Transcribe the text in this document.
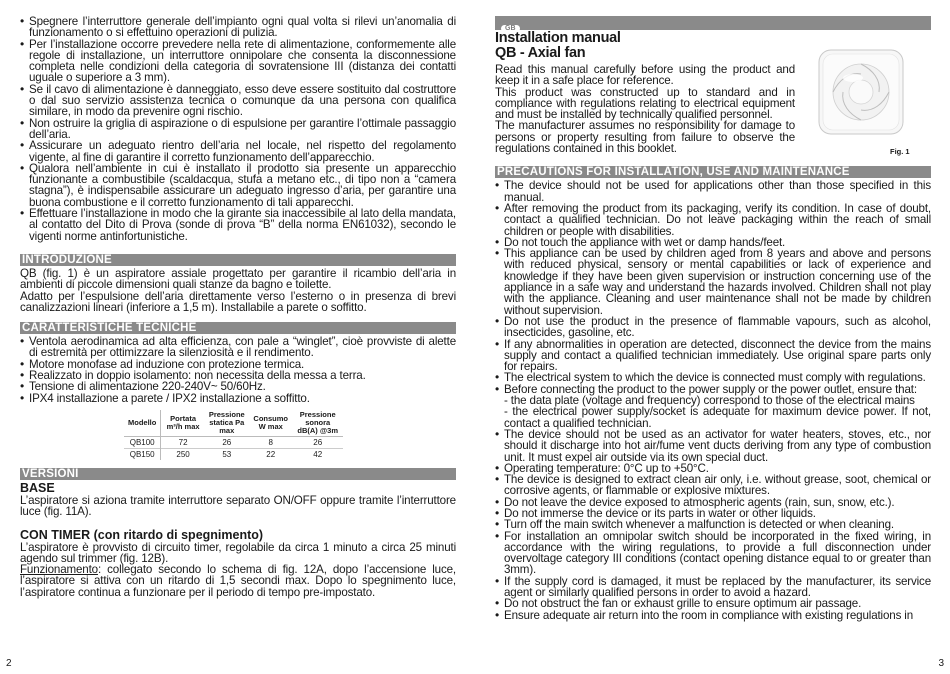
• Spegnere l’interruttore generale dell’impianto ogni qual volta si rilevi un’anomalia di funzionamento o si effettuino operazioni di pulizia.
• Per l’installazione occorre prevedere nella rete di alimentazione, conformemente alle regole di installazione, un interruttore onnipolare che consenta la disconnessione completa nelle condizioni della categoria di sovratensione III (distanza dei contatti uguale o superiore a 3 mm).
• Se il cavo di alimentazione è danneggiato, esso deve essere sostituito dal costruttore o dal suo servizio assistenza tecnica o comunque da una persona con qualifica similare, in modo da prevenire ogni rischio.
• Non ostruire la griglia di aspirazione o di espulsione per garantire l’ottimale passaggio dell’aria.
• Assicurare un adeguato rientro dell’aria nel locale, nel rispetto del regolamento vigente, al fine di garantire il corretto funzionamento dell’apparecchio.
• Qualora nell’ambiente in cui è installato il prodotto sia presente un apparecchio funzionante a combustibile (scaldacqua, stufa a metano etc., di tipo non a “camera stagna”), è indispensabile assicurare un adeguato ingresso d’aria, per garantire una buona combustione e il corretto funzionamento di tali apparecchi.
• Effettuare l’installazione in modo che la girante sia inaccessibile al lato della mandata, al contatto del Dito di Prova (sonde di prova “B” della norma EN61032), secondo le vigenti norme antinfortunistiche.
INTRODUZIONE
QB (fig. 1) è un aspiratore assiale progettato per garantire il ricambio dell’aria in ambienti di piccole dimensioni quali stanze da bagno e toilette.
Adatto per l’espulsione dell’aria direttamente verso l’esterno o in presenza di brevi canalizzazioni lineari (inferiore a 1,5 m). Installabile a parete o soffitto.
CARATTERISTICHE TECNICHE
• Ventola aerodinamica ad alta efficienza, con pale a “winglet”, cioè provviste di alette di estremità per ottimizzare la silenziosità e il rendimento.
• Motore monofase ad induzione con protezione termica.
• Realizzato in doppio isolamento: non necessita della messa a terra.
• Tensione di alimentazione 220-240V~ 50/60Hz.
• IPX4 installazione a parete / IPX2 installazione a soffitto.
Modello	Portata m³/h max	Pressione statica Pa max	Consumo W max	Pressione sonora dB(A) @3m
QB100	72	26	8	26
QB150	250	53	22	42
VERSIONI
BASE
L’aspiratore si aziona tramite interruttore separato ON/OFF oppure tramite l’interruttore luce (fig. 11A).
CON TIMER (con ritardo di spegnimento)
L’aspiratore è provvisto di circuito timer, regolabile da circa 1 minuto a circa 25 minuti agendo sul trimmer (fig. 12B).
Funzionamento: collegato secondo lo schema di fig. 12A, dopo l’accensione luce, l’aspiratore si attiva con un ritardo di 1,5 secondi max. Dopo lo spegnimento luce, l’aspiratore continua a funzionare per il periodo di tempo pre-impostato.
2
GB
Installation manual
QB - Axial fan
Read this manual carefully before using the product and keep it in a safe place for reference.
This product was constructed up to standard and in compliance with regulations relating to electrical equipment and must be installed by technically qualified personnel.
The manufacturer assumes no responsibility for damage to persons or property resulting from failure to observe the regulations contained in this booklet.
PRECAUTIONS FOR INSTALLATION, USE AND MAINTENANCE
• The device should not be used for applications other than those specified in this manual.
• After removing the product from its packaging, verify its condition. In case of doubt, contact a qualified technician. Do not leave packaging within the reach of small children or people with disabilities.
• Do not touch the appliance with wet or damp hands/feet.
• This appliance can be used by children aged from 8 years and above and persons with reduced physical, sensory or mental capabilities or lack of experience and knowledge if they have been given supervision or instruction concerning use of the appliance in a safe way and understand the hazards involved. Children shall not play with the appliance. Cleaning and user maintenance shall not be made by children without supervision.
• Do not use the product in the presence of flammable vapours, such as alcohol, insecticides, gasoline, etc.
• If any abnormalities in operation are detected, disconnect the device from the mains supply and contact a qualified technician immediately. Use original spare parts only for repairs.
• The electrical system to which the device is connected must comply with regulations.
• Before connecting the product to the power supply or the power outlet, ensure that:
- the data plate (voltage and frequency) correspond to those of the electrical mains
- the electrical power supply/socket is adequate for maximum device power. If not, contact a qualified technician.
• The device should not be used as an activator for water heaters, stoves, etc., nor should it discharge into hot air/fume vent ducts deriving from any type of combustion unit. It must expel air outside via its own special duct.
• Operating temperature: 0°C up to +50°C.
• The device is designed to extract clean air only, i.e. without grease, soot, chemical or corrosive agents, or flammable or explosive mixtures.
• Do not leave the device exposed to atmospheric agents (rain, sun, snow, etc.).
• Do not immerse the device or its parts in water or other liquids.
• Turn off the main switch whenever a malfunction is detected or when cleaning.
• For installation an omnipolar switch should be incorporated in the fixed wiring, in accordance with the wiring regulations, to provide a full disconnection under overvoltage category III conditions (contact opening distance equal to or greater than 3mm).
• If the supply cord is damaged, it must be replaced by the manufacturer, its service agent or similarly qualified persons in order to avoid a hazard.
• Do not obstruct the fan or exhaust grille to ensure optimum air passage.
• Ensure adequate air return into the room in compliance with existing regulations in
Fig. 1
3
